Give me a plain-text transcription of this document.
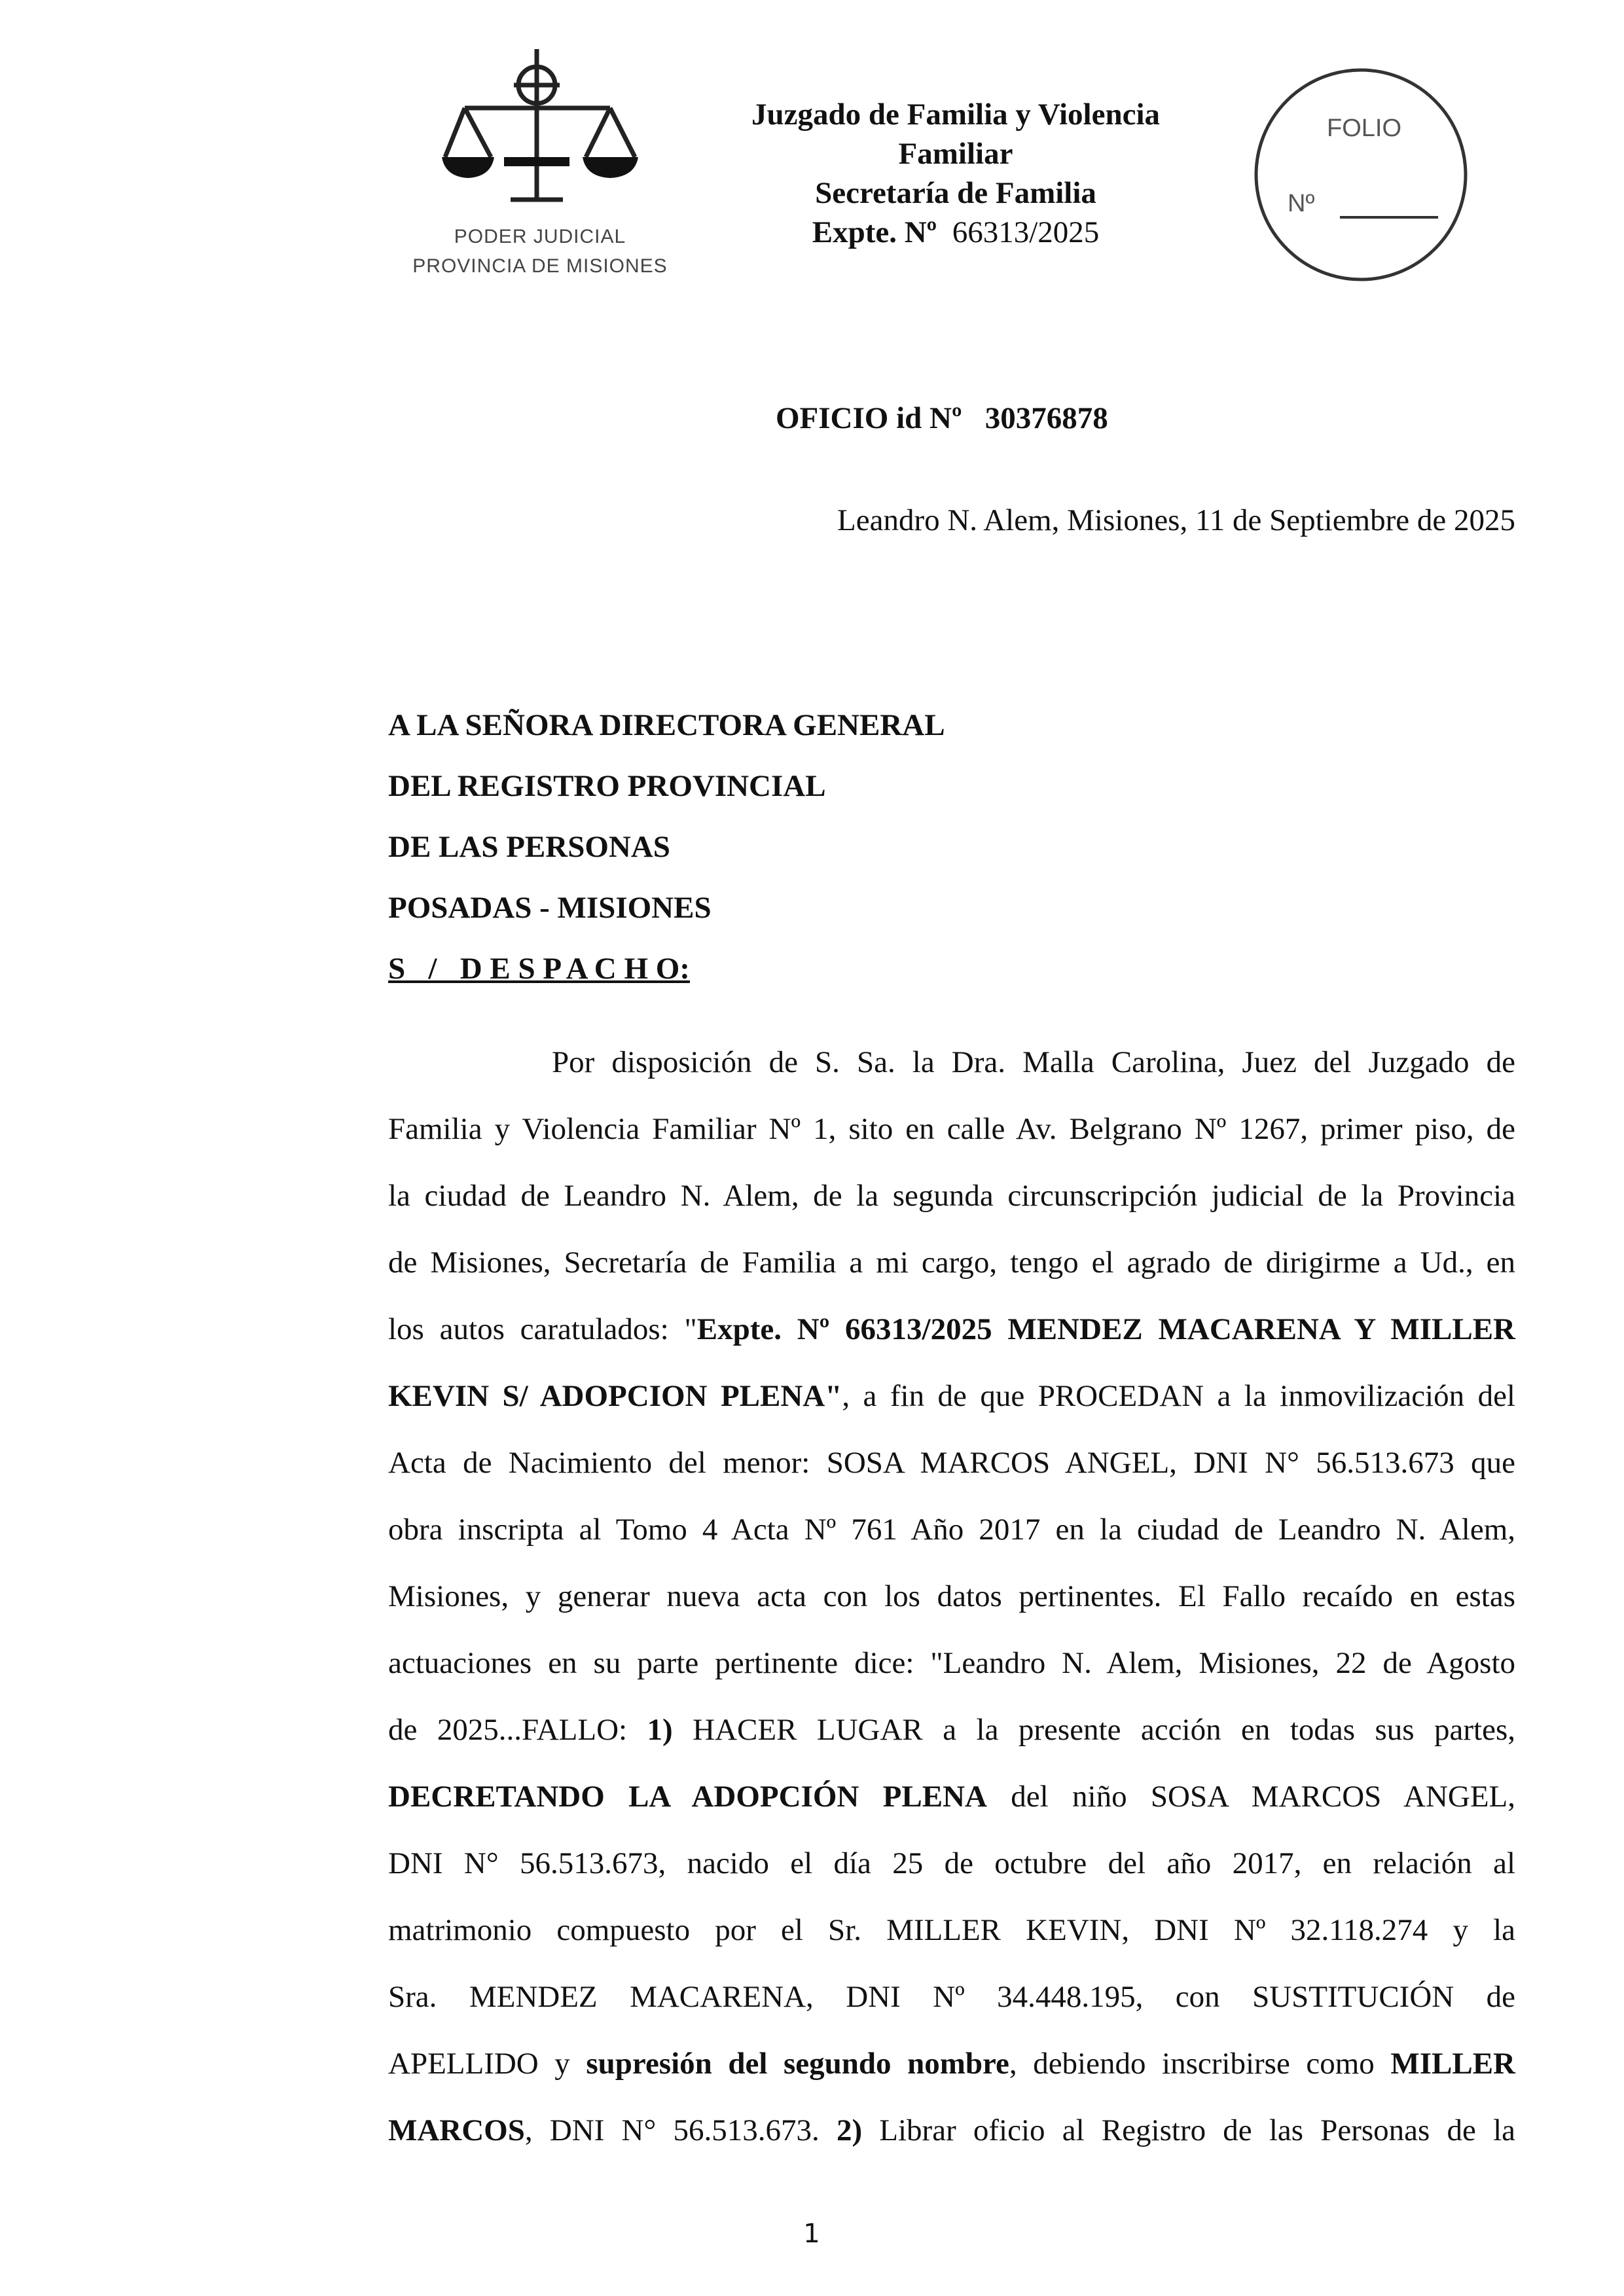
PODER JUDICIAL
PROVINCIA DE MISIONES
Juzgado de Familia y Violencia
Familiar
Secretaría de Familia
Expte. Nº 66313/2025
FOLIO
Nº
OFICIO id Nº 30376878
Leandro N. Alem, Misiones, 11 de Septiembre de 2025
A LA SEÑORA DIRECTORA GENERAL
DEL REGISTRO PROVINCIAL
DE LAS PERSONAS
POSADAS - MISIONES
S   /   D E S P A C H O:
Por disposición de S. Sa. la Dra. Malla Carolina, Juez del Juzgado de
Familia y Violencia Familiar Nº 1, sito en calle Av. Belgrano Nº 1267, primer piso, de
la ciudad de Leandro N. Alem, de la segunda circunscripción judicial de la Provincia
de Misiones, Secretaría de Familia a mi cargo, tengo el agrado de dirigirme a Ud., en
los autos caratulados: "Expte. Nº 66313/2025 MENDEZ MACARENA Y MILLER
KEVIN S/ ADOPCION PLENA", a fin de que PROCEDAN a la inmovilización del
Acta de Nacimiento del menor: SOSA MARCOS ANGEL, DNI N° 56.513.673 que
obra inscripta al Tomo 4 Acta Nº 761 Año 2017 en la ciudad de Leandro N. Alem,
Misiones, y generar nueva acta con los datos pertinentes. El Fallo recaído en estas
actuaciones en su parte pertinente dice: "Leandro N. Alem, Misiones, 22 de Agosto
de 2025...FALLO: 1) HACER LUGAR a la presente acción en todas sus partes,
DECRETANDO LA ADOPCIÓN PLENA del niño SOSA MARCOS ANGEL,
DNI N° 56.513.673, nacido el día 25 de octubre del año 2017, en relación al
matrimonio compuesto por el Sr. MILLER KEVIN, DNI Nº 32.118.274 y la
Sra. MENDEZ MACARENA, DNI Nº 34.448.195, con SUSTITUCIÓN de
APELLIDO y supresión del segundo nombre, debiendo inscribirse como MILLER
MARCOS, DNI N° 56.513.673. 2) Librar oficio al Registro de las Personas de la
1
